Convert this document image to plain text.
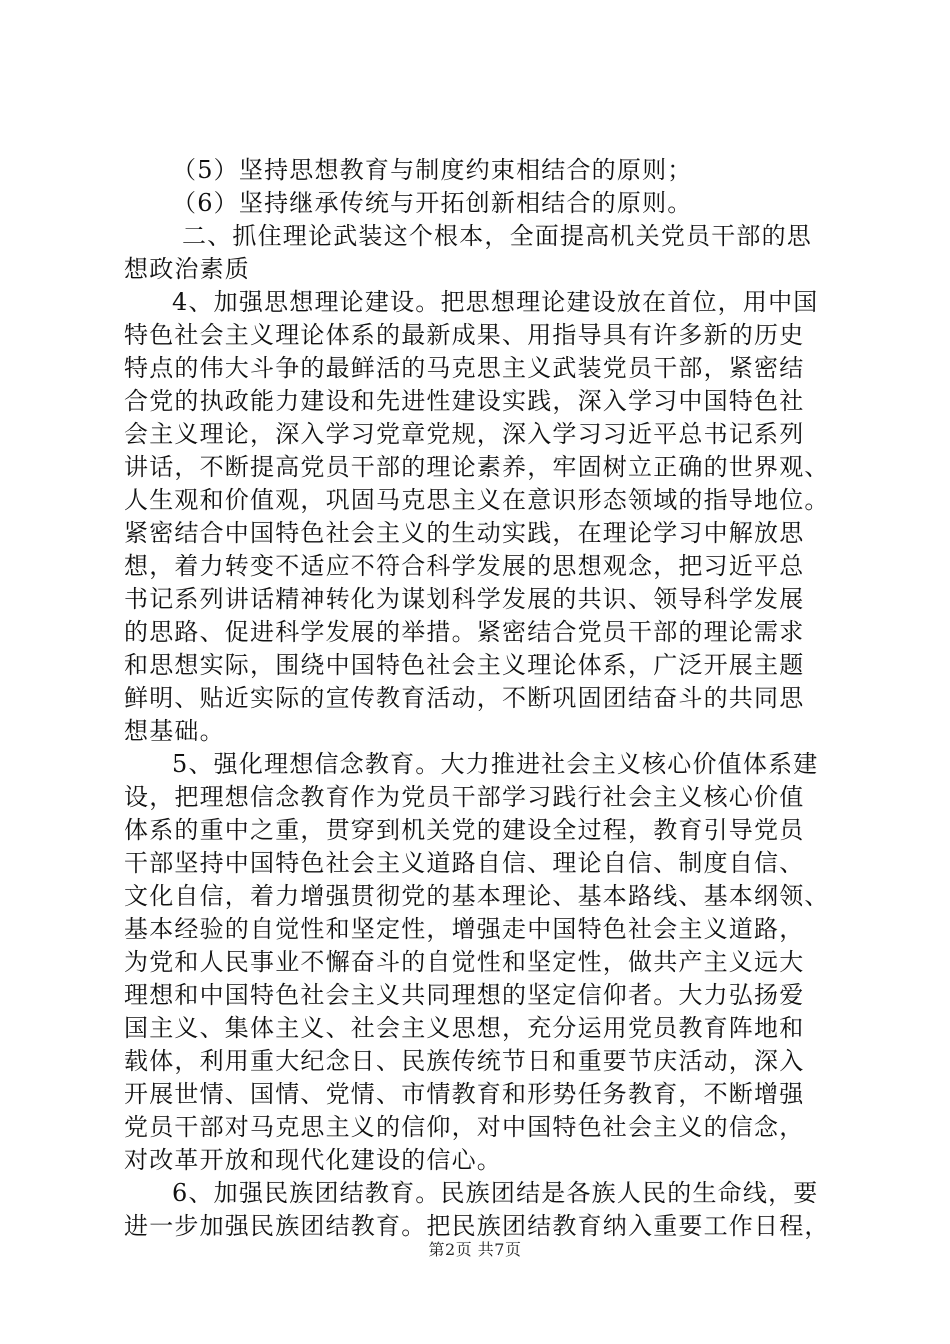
（5）坚持思想教育与制度约束相结合的原则；
（6）坚持继承传统与开拓创新相结合的原则。
二、抓住理论武装这个根本，全面提高机关党员干部的思
想政治素质
4、加强思想理论建设。把思想理论建设放在首位，用中国
特色社会主义理论体系的最新成果、用指导具有许多新的历史
特点的伟大斗争的最鲜活的马克思主义武装党员干部，紧密结
合党的执政能力建设和先进性建设实践，深入学习中国特色社
会主义理论，深入学习党章党规，深入学习习近平总书记系列
讲话，不断提高党员干部的理论素养，牢固树立正确的世界观、
人生观和价值观，巩固马克思主义在意识形态领域的指导地位。
紧密结合中国特色社会主义的生动实践，在理论学习中解放思
想，着力转变不适应不符合科学发展的思想观念，把习近平总
书记系列讲话精神转化为谋划科学发展的共识、领导科学发展
的思路、促进科学发展的举措。紧密结合党员干部的理论需求
和思想实际，围绕中国特色社会主义理论体系，广泛开展主题
鲜明、贴近实际的宣传教育活动，不断巩固团结奋斗的共同思
想基础。
5、强化理想信念教育。大力推进社会主义核心价值体系建
设，把理想信念教育作为党员干部学习践行社会主义核心价值
体系的重中之重，贯穿到机关党的建设全过程，教育引导党员
干部坚持中国特色社会主义道路自信、理论自信、制度自信、
文化自信，着力增强贯彻党的基本理论、基本路线、基本纲领、
基本经验的自觉性和坚定性，增强走中国特色社会主义道路，
为党和人民事业不懈奋斗的自觉性和坚定性，做共产主义远大
理想和中国特色社会主义共同理想的坚定信仰者。大力弘扬爱
国主义、集体主义、社会主义思想，充分运用党员教育阵地和
载体，利用重大纪念日、民族传统节日和重要节庆活动，深入
开展世情、国情、党情、市情教育和形势任务教育，不断增强
党员干部对马克思主义的信仰，对中国特色社会主义的信念，
对改革开放和现代化建设的信心。
6、加强民族团结教育。民族团结是各族人民的生命线，要
进一步加强民族团结教育。把民族团结教育纳入重要工作日程，
第2页 共7页
